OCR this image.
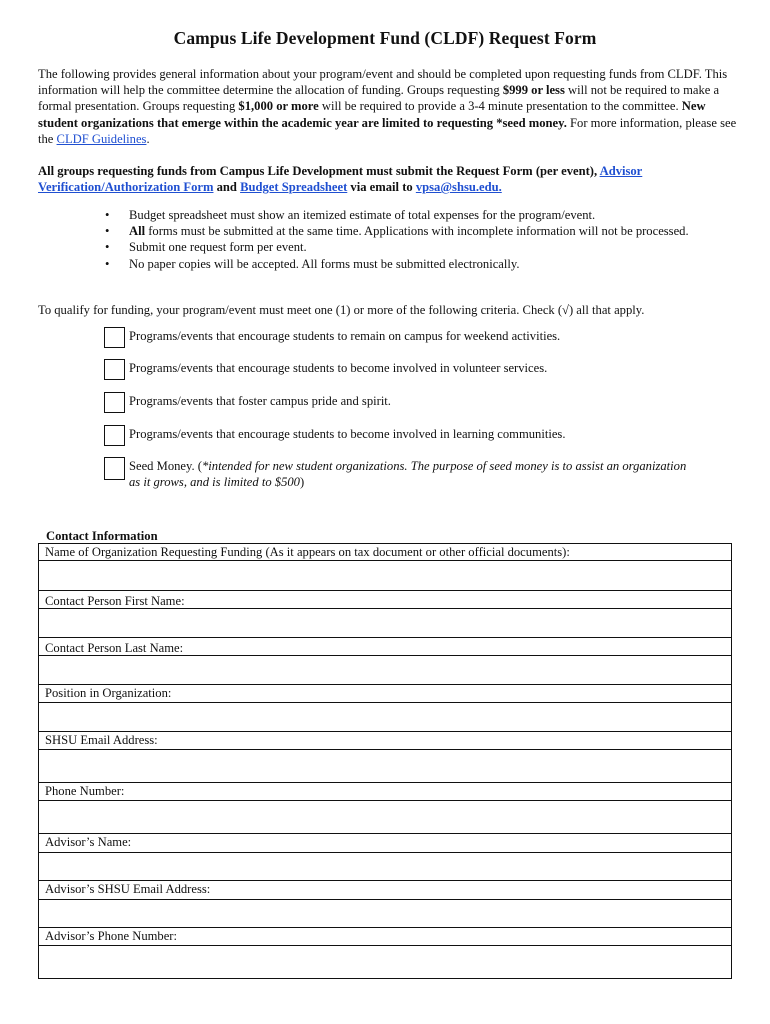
Campus Life Development Fund (CLDF) Request Form
The following provides general information about your program/event and should be completed upon requesting funds from CLDF. This information will help the committee determine the allocation of funding. Groups requesting $999 or less will not be required to make a formal presentation. Groups requesting $1,000 or more will be required to provide a 3-4 minute presentation to the committee. New student organizations that emerge within the academic year are limited to requesting *seed money. For more information, please see the CLDF Guidelines.
All groups requesting funds from Campus Life Development must submit the Request Form (per event), Advisor Verification/Authorization Form and Budget Spreadsheet via email to vpsa@shsu.edu.
• Budget spreadsheet must show an itemized estimate of total expenses for the program/event.
• All forms must be submitted at the same time. Applications with incomplete information will not be processed.
• Submit one request form per event.
• No paper copies will be accepted. All forms must be submitted electronically.
To qualify for funding, your program/event must meet one (1) or more of the following criteria. Check (√) all that apply.
Programs/events that encourage students to remain on campus for weekend activities.
Programs/events that encourage students to become involved in volunteer services.
Programs/events that foster campus pride and spirit.
Programs/events that encourage students to become involved in learning communities.
Seed Money. (*intended for new student organizations. The purpose of seed money is to assist an organization as it grows, and is limited to $500)
Contact Information
Name of Organization Requesting Funding (As it appears on tax document or other official documents):
Contact Person First Name:
Contact Person Last Name:
Position in Organization:
SHSU Email Address:
Phone Number:
Advisor’s Name:
Advisor’s SHSU Email Address:
Advisor’s Phone Number:
